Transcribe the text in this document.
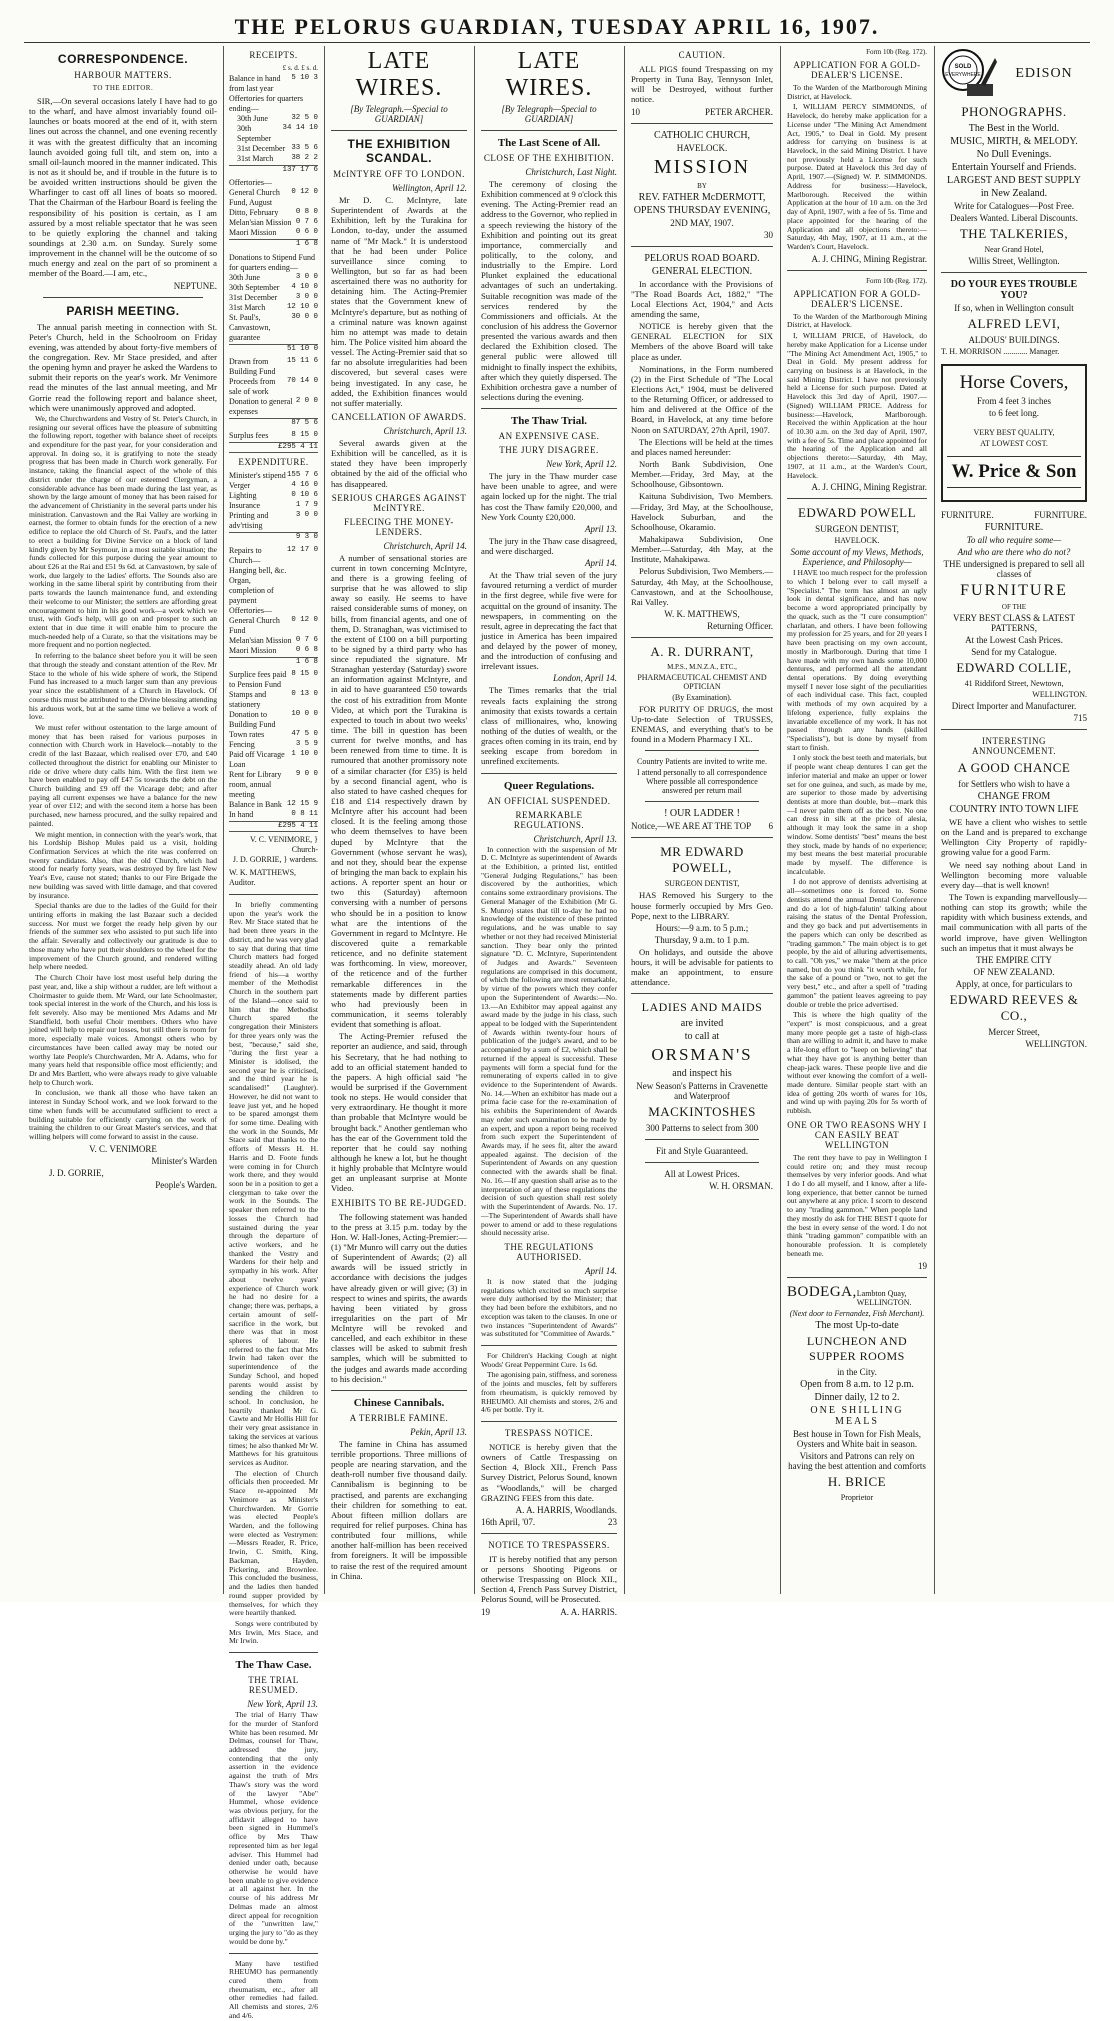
THE PELORUS GUARDIAN, TUESDAY APRIL 16, 1907.
CORRESPONDENCE.
HARBOUR MATTERS.
TO THE EDITOR.

SIR,—On several occasions lately I have had to go to the wharf, and have almost invariably found oil-launches or boats moored at the end of it, with stern lines out across the channel, and one evening recently it was with the greatest difficulty that an incoming launch avoided going full tilt, and stem on, into a small oil-launch moored in the manner indicated. This is not as it should be, and if trouble in the future is to be avoided written instructions should be given the Wharfinger to cast off all lines of boats so moored. That the Chairman of the Harbour Board is feeling the responsibility of his position is certain, as I am assured by a most reliable spectator that he was seen to be quietly exploring the channel and taking soundings at 2.30 a.m. on Sunday. Surely some improvement in the channel will be the outcome of so much energy and zeal on the part of so prominent a member of the Board.—I am, etc.,

NEPTUNE.
PARISH MEETING.

The annual parish meeting in connection with St. Peter's Church, held in the Schoolroom on Friday evening, was attended by about forty-five members of the congregation. Rev. Mr Stace presided, and after the opening hymn and prayer he asked the Wardens to submit their reports on the year's work. Mr Venimore read the minutes of the last annual meeting, and Mr Gorrie read the following report and balance sheet, which were unanimously approved and adopted.

We, the Churchwardens and Vestry of St. Peter's Church, in resigning our several offices have the pleasure of submitting the following report, together with balance sheet of receipts and expenditure for the past year, for your consideration and approval. In doing so, it is gratifying to note the steady progress that has been made in Church work generally. For instance, taking the financial aspect of the whole of this district under the charge of our esteemed Clergyman, a considerable advance has been made during the last year, as shown by the large amount of money that has been raised for the advancement of Christianity in the several parts under his ministration. Canvastown and the Rai Valley are working in earnest, the former to obtain funds for the erection of a new edifice to replace the old Church of St. Paul's, and the latter to erect a building for Divine Service on a block of land kindly given by Mr Seymour, in a most suitable situation; the funds collected for this purpose during the year amount to about £26 at the Rai and £51 9s 6d. at Canvastown, by sale of work, due largely to the ladies' efforts. The Sounds also are working in the same liberal spirit by contributing from their parts towards the launch maintenance fund, and extending their welcome to our Minister; the settlers are affording great encouragement to him in his good work—a work which we trust, with God's help, will go on and prosper to such an extent that in due time it will enable him to procure the much-needed help of a Curate, so that the visitations may be more frequent and no portion neglected.

In referring to the balance sheet before you it will be seen that through the steady and constant attention of the Rev. Mr Stace to the whole of his wide sphere of work, the Stipend Fund has increased to a much larger sum than any previous year since the establishment of a Church in Havelock. Of course this must be attributed to the Divine blessing attending his arduous work, but at the same time we believe a work of love.

We must refer without ostentation to the large amount of money that has been raised for various purposes in connection with Church work in Havelock—notably to the credit of the last Bazaar, which realised over £70, and £40 collected throughout the district for enabling our Minister to ride or drive where duty calls him. With the first item we have been enabled to pay off £47 5s towards the debt on the Church building and £9 off the Vicarage debt; and after paying all current expenses we have a balance for the new year of over £12; and with the second item a horse has been purchased, new harness procured, and the sulky repaired and painted.

We might mention, in connection with the year's work, that his Lordship Bishop Mules paid us a visit, holding Confirmation Services at which the rite was conferred on twenty candidates. Also, that the old Church, which had stood for nearly forty years, was destroyed by fire last New Year's Eve, cause not stated; thanks to our Fire Brigade the new building was saved with little damage, and that covered by insurance.

Special thanks are due to the ladies of the Guild for their untiring efforts in making the last Bazaar such a decided success. Nor must we forget the ready help given by our friends of the summer sex who assisted to put such life into the affair. Severally and collectively our gratitude is due to those many who have put their shoulders to the wheel for the improvement of the Church ground, and rendered willing help where needed.

The Church Choir have lost most useful help during the past year, and, like a ship without a rudder, are left without a Choirmaster to guide them. Mr Ward, our late Schoolmaster, took special interest in the work of the Church, and his loss is felt severely. Also may be mentioned Mrs Adams and Mr Standfield, both useful Choir members. Others who have joined will help to repair our losses, but still there is room for more, especially male voices. Amongst others who by circumstances have been called away may be noted our worthy late People's Churchwarden, Mr A. Adams, who for many years held that responsible office most efficiently; and Dr and Mrs Bartlett, who were always ready to give valuable help to Church work.

In conclusion, we thank all those who have taken an interest in Sunday School work, and we look forward to the time when funds will be accumulated sufficient to erect a building suitable for efficiently carrying on the work of training the children to our Great Master's services, and that willing helpers will come forward to assist in the cause.

V. C. VENIMORE
Minister's Warden
J. D. GORRIE,
People's Warden.
RECEIPTS.
£ s. d. £ s. d.
Balance in hand from last year
5 10 3
Offertories for quarters ending—
30th June	32 5 0
30th September
34 14 10
31st December 33 5 6
31st March 38 2 2
137 17 6
Offertories—
General Church Fund, August
0 12 0
Ditto, February 0 8 0
Melan'sian Mission 0 7 6
Maori Mission	0 6 0
1 6 8
Donations to Stipend Fund for quarters ending—
30th June	3 0 0
30th September 4 10 0
31st December	3 0 0
31st March	12 10 0
St. Paul's, Canvastown, guarantee
30 0 0
51 10 0
Drawn from Building Fund
15 11 6
Proceeds from sale of work
70 14 0
Donation to general expenses
2 0 0
87 5 6
Surplus fees	8 15 0
£295 4 11
EXPENDITURE.
Minister's stipend 155 7 6
Verger	4 16 0
Lighting	0 10 6
Insurance	1 7 9
Printing and adv'rtising
3 0 0
9 3 0
Repairs to Church—Hanging bell, &c. Organ, completion of payment
12 17 0
Offertories—
General Church Fund
0 12 0
Melan'sian Mission 0 7 6
Maori Mission	0 6 8
1 6 8
Surplice fees paid to Pension Fund
8 15 0
Stamps and stationery
0 13 0
Donation to Building Fund
10 0 0
Town rates	47 5 0
Fencing	3 5 9
Paid off Vicarage Loan
1 10 0
Rent for Library room, annual meeting
9 0 0
Balance in Bank 12 15 9
In hand	0 8 11
£295 4 11
V. C. VENIMORE, } Church-
J. D. GORRIE, } wardens.
W. K. MATTHEWS, Auditor.

In briefly commenting upon the year's work the Rev. Mr Stace stated that he had been three years in the district, and he was very glad to say that during that time Church matters had forged steadily ahead. An old lady friend of his—a worthy member of the Methodist Church in the southern part of the Island—once said to him that the Methodist Church spared the congregation their Ministers for three years only was the best, "because," said she, "during the first year a Minister is idolised, the second year he is criticised, and the third year he is scandalised!" (Laughter). However, he did not want to leave just yet, and he hoped to be spared amongst them for some time. Dealing with the work in the Sounds, Mr Stace said that thanks to the efforts of Messrs H. H. Harris and D. Foote funds were coming in for Church work there, and they would soon be in a position to get a clergyman to take over the work in the Sounds. The speaker then referred to the losses the Church had sustained during the year through the departure of active workers, and he thanked the Vestry and Wardens for their help and sympathy in his work. After about twelve years' experience of Church work he had no desire for a change; there was, perhaps, a certain amount of self-sacrifice in the work, but there was that in most spheres of labour. He referred to the fact that Mrs Irwin had taken over the superintendence of the Sunday School, and hoped parents would assist by sending the children to school. In conclusion, he heartily thanked Mr G. Cawte and Mr Hollis Hill for their very great assistance in taking the services at various times; he also thanked Mr W. Matthews for his gratuitous services as Auditor.

The election of Church officials then proceeded. Mr Stace re-appointed Mr Venimore as Minister's Churchwarden. Mr Gorrie was elected People's Warden, and the following were elected as Vestrymen:—Messrs Reader, R. Price, Irwin, C. Smith, King, Backman, Hayden, Pickering, and Brownlee. This concluded the business, and the ladies then handed round supper provided by themselves, for which they were heartily thanked.

Songs were contributed by Mrs Irwin, Mrs Stace, and Mr Irwin.

The Thaw Case.
THE TRIAL RESUMED.
New York, April 13.

The trial of Harry Thaw for the murder of Stanford White has been resumed. Mr Delmas, counsel for Thaw, addressed the jury, contending that the only assertion in the evidence against the truth of Mrs Thaw's story was the word of the lawyer "Abe" Hummel, whose evidence was obvious perjury, for the affidavit alleged to have been signed in Hummel's office by Mrs Thaw represented him as her legal adviser. This Hummel had denied under oath, because otherwise he would have been unable to give evidence at all against her. In the course of his address Mr Delmas made an almost direct appeal for recognition of the "unwritten law," urging the jury to "do as they would be done by."

Many have testified RHEUMO has permanently cured them from rheumatism, etc., after all other remedies had failed. All chemists and stores, 2/6 and 4/6.

LATE WIRES.
[By Telegraph.—Special to GUARDIAN]
THE EXHIBITION SCANDAL.
McINTYRE OFF TO LONDON.
Wellington, April 12.

Mr D. C. McIntyre, late Superintendent of Awards at the Exhibition, left by the Turakina for London, to-day, under the assumed name of "Mr Mack." It is understood that he had been under Police surveillance since coming to Wellington, but so far as had been ascertained there was no authority for detaining him. The Acting-Premier states that the Government knew of McIntyre's departure, but as nothing of a criminal nature was known against him no attempt was made to detain him. The Police visited him aboard the vessel. The Acting-Premier said that so far no absolute irregularities had been discovered, but several cases were being investigated. In any case, he added, the Exhibition finances would not suffer materially.

CANCELLATION OF AWARDS.
Christchurch, April 13.

Several awards given at the Exhibition will be cancelled, as it is stated they have been improperly obtained by the aid of the official who has disappeared.

SERIOUS CHARGES AGAINST McINTYRE.
FLEECING THE MONEY-LENDERS.
Christchurch, April 14.

A number of sensational stories are current in town concerning McIntyre, and there is a growing feeling of surprise that he was allowed to slip away so easily. He seems to have raised considerable sums of money, on bills, from financial agents, and one of them, D. Stranaghan, was victimised to the extent of £100 on a bill purporting to be signed by a third party who has since repudiated the signature. Mr Stranaghan yesterday (Saturday) swore an information against McIntyre, and in aid to have guaranteed £50 towards the cost of his extradition from Monte Video, at which port the Turakina is expected to touch in about two weeks' time. The bill in question has been current for twelve months, and has been renewed from time to time. It is rumoured that another promissory note of a similar character (for £35) is held by a second financial agent, who is also stated to have cashed cheques for £18 and £14 respectively drawn by McIntyre after his account had been closed. It is the feeling among those who deem themselves to have been duped by McIntyre that the Government (whose servant he was), and not they, should bear the expense of bringing the man back to explain his actions. A reporter spent an hour or two this (Saturday) afternoon conversing with a number of persons who should be in a position to know what are the intentions of the Government in regard to McIntyre. He discovered quite a remarkable reticence, and no definite statement was forthcoming. In view, moreover, of the reticence and of the further remarkable differences in the statements made by different parties who had previously been in communication, it seems tolerably evident that something is afloat.

The Acting-Premier refused the reporter an audience, and said, through his Secretary, that he had nothing to add to an official statement handed to the papers. A high official said "he would be surprised if the Government took no steps. He would consider that very extraordinary. He thought it more than probable that McIntyre would be brought back." Another gentleman who has the ear of the Government told the reporter that he could say nothing although he knew a lot, but he thought it highly probable that McIntyre would get an unpleasant surprise at Monte Video.

EXHIBITS TO BE RE-JUDGED.

The following statement was handed to the press at 3.15 p.m. today by the Hon. W. Hall-Jones, Acting-Premier:—(1) "Mr Munro will carry out the duties of Superintendent of Awards; (2) all awards will be issued strictly in accordance with decisions the judges have already given or will give; (3) in respect to wines and spirits, the awards having been vitiated by gross irregularities on the part of Mr McIntyre will be revoked and cancelled, and each exhibitor in these classes will be asked to submit fresh samples, which will be submitted to the judges and awards made according to his decision."

Chinese Cannibals.
A TERRIBLE FAMINE.
Pekin, April 13.

The famine in China has assumed terrible proportions. Three millions of people are nearing starvation, and the death-roll number five thousand daily. Cannibalism is beginning to be practised, and parents are exchanging their children for something to eat. About fifteen million dollars are required for relief purposes. China has contributed four millions, while another half-million has been received from foreigners. It will be impossible to raise the rest of the required amount in China.

LATE WIRES.
[By Telegraph—Special to GUARDIAN]
The Last Scene of All.
CLOSE OF THE EXHIBITION.
Christchurch, Last Night.

The ceremony of closing the Exhibition commenced at 9 o'clock this evening. The Acting-Premier read an address to the Governor, who replied in a speech reviewing the history of the Exhibition and pointing out its great importance, commercially and politically, to the colony, and industrially to the Empire. Lord Plunket explained the educational advantages of such an undertaking. Suitable recognition was made of the services rendered by the Commissioners and officials. At the conclusion of his address the Governor presented the various awards and then declared the Exhibition closed. The general public were allowed till midnight to finally inspect the exhibits, after which they quietly dispersed. The Exhibition orchestra gave a number of selections during the evening.

The Thaw Trial.
AN EXPENSIVE CASE.
THE JURY DISAGREE.
New York, April 12.

The jury in the Thaw murder case have been unable to agree, and were again locked up for the night. The trial has cost the Thaw family £20,000, and New York County £20,000.

April 13.

The jury in the Thaw case disagreed, and were discharged.

April 14.

At the Thaw trial seven of the jury favoured returning a verdict of murder in the first degree, while five were for acquittal on the ground of insanity. The newspapers, in commenting on the result, agree in deprecating the fact that justice in America has been impaired and delayed by the power of money, and the introduction of confusing and irrelevant issues.

London, April 14.

The Times remarks that the trial reveals facts explaining the strong animosity that exists towards a certain class of millionaires, who, knowing nothing of the duties of wealth, or the graces often coming in its train, end by seeking escape from boredom in unrefined excitements.

Queer Regulations.
AN OFFICIAL SUSPENDED.
REMARKABLE REGULATIONS.
Christchurch, April 13.

In connection with the suspension of Mr D. C. McIntyre as superintendent of Awards at the Exhibition, a printed list, entitled "General Judging Regulations," has been discovered by the authorities, which contains some extraordinary provisions. The General Manager of the Exhibition (Mr G. S. Munro) states that till to-day he had no knowledge of the existence of these printed regulations, and he was unable to say whether or not they had received Ministerial sanction. They bear only the printed signature "D. C. McIntyre, Superintendent of Judges and Awards." Seventeen regulations are comprised in this document, of which the following are most remarkable, by virtue of the powers which they confer upon the Superintendent of Awards:—No. 13.—An Exhibitor may appeal against any award made by the judge in his class, such appeal to be lodged with the Superintendent of Awards within twenty-four hours of publication of the judge's award, and to be accompanied by a sum of £2, which shall be returned if the appeal is successful. These payments will form a special fund for the remunerating of experts called in to give evidence to the Superintendent of Awards. No. 14.—When an exhibitor has made out a prima facie case for the re-examination of his exhibits the Superintendent of Awards may order such examination to be made by an expert, and upon a report being received from such expert the Superintendent of Awards may, if he sees fit, alter the award appealed against. The decision of the Superintendent of Awards on any question connected with the awards shall be final. No. 16.—If any question shall arise as to the interpretation of any of these regulations the decision of such question shall rest solely with the Superintendent of Awards. No. 17.—The Superintendent of Awards shall have power to amend or add to these regulations should necessity arise.

THE REGULATIONS AUTHORISED.
April 14.

It is now stated that the judging regulations which excited so much surprise were duly authorised by the Minister; that they had been before the exhibitors, and no exception was taken to the clauses. In one or two instances "Superintendent of Awards" was substituted for "Committee of Awards."

For Children's Hacking Cough at night Woods' Great Peppermint Cure. 1s 6d.

The agonising pain, stiffness, and soreness of the joints and muscles, felt by sufferers from rheumatism, is quickly removed by RHEUMO. All chemists and stores, 2/6 and 4/6 per bottle. Try it.

TRESPASS NOTICE.

NOTICE is hereby given that the owners of Cattle Trespassing on Section 4, Block XII., French Pass Survey District, Pelorus Sound, known as "Woodlands," will be charged GRAZING FEES from this date.

A. A. HARRIS, Woodlands.
16th April, '07.	23
NOTICE TO TRESPASSERS.

IT is hereby notified that any person or persons Shooting Pigeons or otherwise Trespassing on Block XII., Section 4, French Pass Survey District, Pelorus Sound, will be Prosecuted.

19	A. A. HARRIS.
CAUTION.

ALL PIGS found Trespassing on my Property in Tuna Bay, Tennyson Inlet, will be Destroyed, without further notice.

10	PETER ARCHER.
CATHOLIC CHURCH,
HAVELOCK.
MISSION
BY
REV. FATHER McDERMOTT,
OPENS THURSDAY EVENING,
2ND MAY, 1907.
30
PELORUS ROAD BOARD.
GENERAL ELECTION.

In accordance with the Provisions of "The Road Boards Act, 1882," "The Local Elections Act, 1904," and Acts amending the same,

NOTICE is hereby given that the GENERAL ELECTION for SIX Members of the above Board will take place as under.

Nominations, in the Form numbered (2) in the First Schedule of "The Local Elections Act," 1904, must be delivered to the Returning Officer, or addressed to him and delivered at the Office of the Board, in Havelock, at any time before Noon on SATURDAY, 27th April, 1907.

The Elections will be held at the times and places named hereunder:

North Bank Subdivision, One Member.—Friday, 3rd May, at the Schoolhouse, Gibsontown.

Kaituna Subdivision, Two Members.—Friday, 3rd May, at the Schoolhouse, Havelock Suburban, and the Schoolhouse, Okaramio.

Mahakipawa Subdivision, One Member.—Saturday, 4th May, at the Institute, Mahakipawa.

Pelorus Subdivision, Two Members.—Saturday, 4th May, at the Schoolhouse, Canvastown, and at the Schoolhouse, Rai Valley.

W. K. MATTHEWS,
Returning Officer.
A. R. DURRANT,
M.P.S., M.N.Z.A., ETC.,
PHARMACEUTICAL CHEMIST AND OPTICIAN
(By Examination).

FOR PURITY OF DRUGS, the most Up-to-date Selection of TRUSSES, ENEMAS, and everything that's to be found in a Modern Pharmacy I XL.

Country Patients are invited to write me.
I attend personally to all correspondence Where possible all correspondence answered per return mail
! OUR LADDER !
Notice,—WE ARE AT THE TOP 6
MR EDWARD POWELL,
SURGEON DENTIST,

HAS Removed his Surgery to the house formerly occupied by Mrs Geo. Pope, next to the LIBRARY.

Hours:—9 a.m. to 5 p.m.;
Thursday, 9 a.m. to 1 p.m.

On holidays, and outside the above hours, it will be advisable for patients to make an appointment, to ensure attendance.

LADIES AND MAIDS
are invited
to call at
ORSMAN'S
and inspect his
New Season's Patterns in Cravenette and Waterproof
MACKINTOSHES
300 Patterns to select from 300
Fit and Style Guaranteed.
All at Lowest Prices.
W. H. ORSMAN.
Form 10b (Reg. 172).
APPLICATION FOR A GOLD-DEALER'S LICENSE.

To the Warden of the Marlborough Mining District, at Havelock.

I, WILLIAM PERCY SIMMONDS, of Havelock, do hereby make application for a License under "The Mining Act Amendment Act, 1905," to Deal in Gold. My present address for carrying on business is at Havelock, in the said Mining District. I have not previously held a License for such purpose. Dated at Havelock this 3rd day of April, 1907.—(Signed) W. P. SIMMONDS. Address for business:—Havelock, Marlborough. Received the within Application at the hour of 10 a.m. on the 3rd day of April, 1907, with a fee of 5s. Time and place appointed for the hearing of the Application and all objections thereto:—Saturday, 4th May, 1907, at 11 a.m., at the Warden's Court, Havelock.

A. J. CHING, Mining Registrar.
Form 10b (Reg. 172).
APPLICATION FOR A GOLD-DEALER'S LICENSE.

To the Warden of the Marlborough Mining District, at Havelock.

I, WILLIAM PRICE, of Havelock, do hereby make Application for a License under "The Mining Act Amendment Act, 1905," to Deal in Gold. My present address for carrying on business is at Havelock, in the said Mining District. I have not previously held a License for such purpose. Dated at Havelock this 3rd day of April, 1907.—(Signed) WILLIAM PRICE. Address for business:—Havelock, Marlborough. Received the within Application at the hour of 10.30 a.m. on the 3rd day of April, 1907, with a fee of 5s. Time and place appointed for the hearing of the Application and all objections thereto:—Saturday, 4th May, 1907, at 11 a.m., at the Warden's Court, Havelock.

A. J. CHING, Mining Registrar.
EDWARD POWELL
SURGEON DENTIST,
HAVELOCK.
Some account of my Views, Methods, Experience, and Philosophy—

I HAVE too much respect for the profession to which I belong ever to call myself a "Specialist." The term has almost an ugly look in dental significance, and has now become a word appropriated principally by the quack, such as the "I cure consumption" charlatan, and others. I have been following my profession for 25 years, and for 20 years I have been practising on my own account, mostly in Marlborough. During that time I have made with my own hands some 10,000 dentures, and performed all the attendant dental operations. By doing everything myself I never lose sight of the peculiarities of each individual case. This fact, coupled with methods of my own acquired by a lifelong experience, fully explains the invariable excellence of my work. It has not passed through any hands (skilled "Specialists"), but is done by myself from start to finish.

I only stock the best teeth and materials, but if people want cheap dentures I can get the inferior material and make an upper or lower set for one guinea, and such, as made by me, are superior to those made by advertising dentists at more than double, but—mark this—I never palm them off as the best. No one can dress in silk at the price of alesia, although it may look the same in a shop window. Some dentists' "best" means the best they stock, made by hands of no experience; my best means the best material procurable made by myself. The difference is incalculable.

I do not approve of dentists advertising at all—sometimes one is forced to. Some dentists attend the annual Dental Conference and do a lot of high-falutin' talking about raising the status of the Dental Profession, and they go back and put advertisements in the papers which can only be described as "trading gammon." The main object is to get people, by the aid of alluring advertisements, to call. "Oh yes," we make "them at the price named, but do you think "it worth while, for the sake of a pound or "two, not to get the very best," etc., and after a spell of "trading gammon" the patient leaves agreeing to pay double or treble the price advertised.

This is where the high quality of the "expert" is most conspicuous, and a great many more people get a taste of high-class than are willing to admit it, and have to make a life-long effort to "keep on believing" that what they have got is anything better than cheap-jack wares. These people live and die without ever knowing the comfort of a well-made denture. Similar people start with an idea of getting 20s worth of wares for 10s, and wind up with paying 20s for 5s worth of rubbish.

ONE OR TWO REASONS WHY I CAN EASILY BEAT WELLINGTON

The rent they have to pay in Wellington I could retire on; and they must recoup themselves by very inferior goods. And what I do I do all myself, and I know, after a life-long experience, that better cannot be turned out anywhere at any price. I scorn to descend to any "trading gammon." When people land they mostly do ask for THE BEST I quote for the best in every sense of the word. I do not think "trading gammon" compatible with an honourable profession. It is completely beneath me.

19
BODEGA, Lambton Quay, WELLINGTON.
(Next door to Fernandez, Fish Merchant).
The most Up-to-date
LUNCHEON AND SUPPER ROOMS
in the City.
Open from 8 a.m. to 12 p.m.
Dinner daily, 12 to 2.
ONE SHILLING MEALS
Best house in Town for Fish Meals, Oysters and White bait in season.
Visitors and Patrons can rely on having the best attention and comforts
H. BRICE
Proprietor
SOLD
EVERYWHERE	EDISON
PHONOGRAPHS.
The Best in the World.
MUSIC, MIRTH, & MELODY.
No Dull Evenings.
Entertain Yourself and Friends.
LARGEST AND BEST SUPPLY
in New Zealand.
Write for Catalogues—Post Free.
Dealers Wanted. Liberal Discounts.
THE TALKERIES,
Near Grand Hotel,
Willis Street, Wellington.
DO YOUR EYES TROUBLE YOU?
If so, when in Wellington consult
ALFRED LEVI,
ALDOUS' BUILDINGS.
T. H. MORRISON ............ Manager.
Horse Covers,
From 4 feet 3 inches
to 6 feet long.
VERY BEST QUALITY,
AT LOWEST COST.
W. Price & Son
FURNITURE.	FURNITURE.
FURNITURE.
To all who require some—
And who are there who do not?
THE undersigned is prepared to sell all classes of
FURNITURE
OF THE
VERY BEST CLASS & LATEST PATTERNS,
At the Lowest Cash Prices.
Send for my Catalogue.
EDWARD COLLIE,
41 Riddiford Street, Newtown,
WELLINGTON.
Direct Importer and Manufacturer.
715
INTERESTING ANNOUNCEMENT.
A GOOD CHANCE
for Settlers who wish to have a
CHANGE FROM
COUNTRY INTO TOWN LIFE

WE have a client who wishes to settle on the Land and is prepared to exchange Wellington City Property of rapidly-growing value for a good Farm.

We need say nothing about Land in Wellington becoming more valuable every day—that is well known!

The Town is expanding marvellously—nothing can stop its growth; while the rapidity with which business extends, and mail communication with all parts of the world improve, have given Wellington such an impetus that it must always be

THE EMPIRE CITY
OF NEW ZEALAND.
Apply, at once, for particulars to
EDWARD REEVES & CO.,
Mercer Street,
WELLINGTON.
